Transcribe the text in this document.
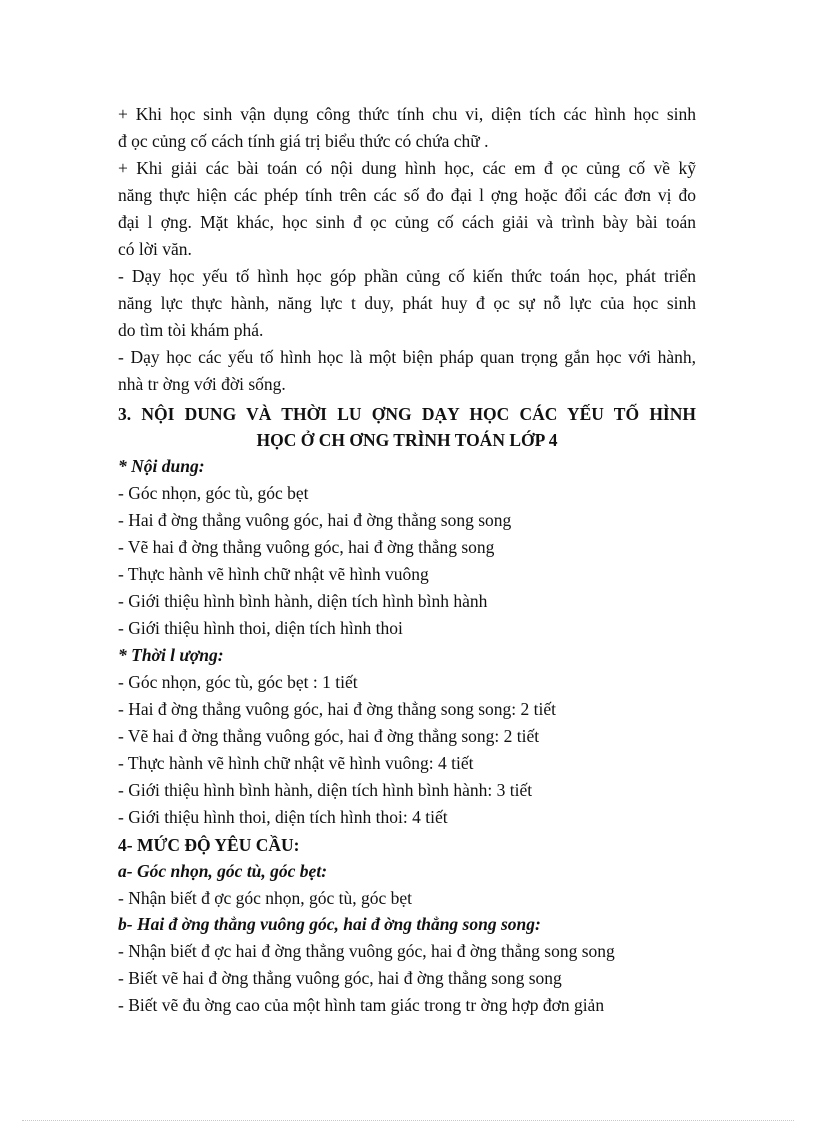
+ Khi học sinh vận dụng công thức tính chu vi, diện tích các hình học sinh
đ ọc củng cố cách tính giá trị biểu thức có chứa chữ .
+ Khi giải các bài toán có nội dung hình học, các em đ ọc củng cố về kỹ
năng thực hiện các phép tính trên các số đo đại l ợng hoặc đổi các đơn vị đo
đại l ợng. Mặt khác, học sinh đ ọc củng cố cách giải và trình bày bài toán
có lời văn.
- Dạy học yếu tố hình học góp phần củng cố kiến thức toán học, phát triển
năng lực thực hành, năng lực t duy, phát huy đ ọc sự nỗ lực của học sinh
do tìm tòi khám phá.
- Dạy học các yếu tố hình học là một biện pháp quan trọng gắn học với hành,
nhà tr ờng với đời sống.
3. NỘI DUNG VÀ THỜI LU ỢNG DẠY HỌC CÁC YẾU TỐ HÌNH
HỌC Ở CH ƠNG TRÌNH TOÁN LỚP 4
* Nội dung:
- Góc nhọn, góc tù, góc bẹt
- Hai đ ờng thẳng vuông góc, hai đ ờng thẳng song song
- Vẽ hai đ ờng thẳng vuông góc, hai đ ờng thẳng song
- Thực hành vẽ hình chữ nhật vẽ hình vuông
- Giới thiệu hình bình hành, diện tích hình bình hành
- Giới thiệu hình thoi, diện tích hình thoi
* Thời l ượng:
- Góc nhọn, góc tù, góc bẹt : 1 tiết
- Hai đ ờng thẳng vuông góc, hai đ ờng thẳng song song: 2 tiết
- Vẽ hai đ ờng thẳng vuông góc, hai đ ờng thẳng song: 2 tiết
- Thực hành vẽ hình chữ nhật vẽ hình vuông: 4 tiết
- Giới thiệu hình bình hành, diện tích hình bình hành: 3 tiết
- Giới thiệu hình thoi, diện tích hình thoi: 4 tiết
4- MỨC ĐỘ YÊU CẦU:
a- Góc nhọn, góc tù, góc bẹt:
- Nhận biết đ ợc góc nhọn, góc tù, góc bẹt
b- Hai đ ờng thẳng vuông góc, hai đ ờng thẳng song song:
- Nhận biết đ ợc hai đ ờng thẳng vuông góc, hai đ ờng thẳng song song
- Biết vẽ hai đ ờng thẳng vuông góc, hai đ ờng thẳng song song
- Biết vẽ đu ờng cao của một hình tam giác trong tr ờng hợp đơn giản
